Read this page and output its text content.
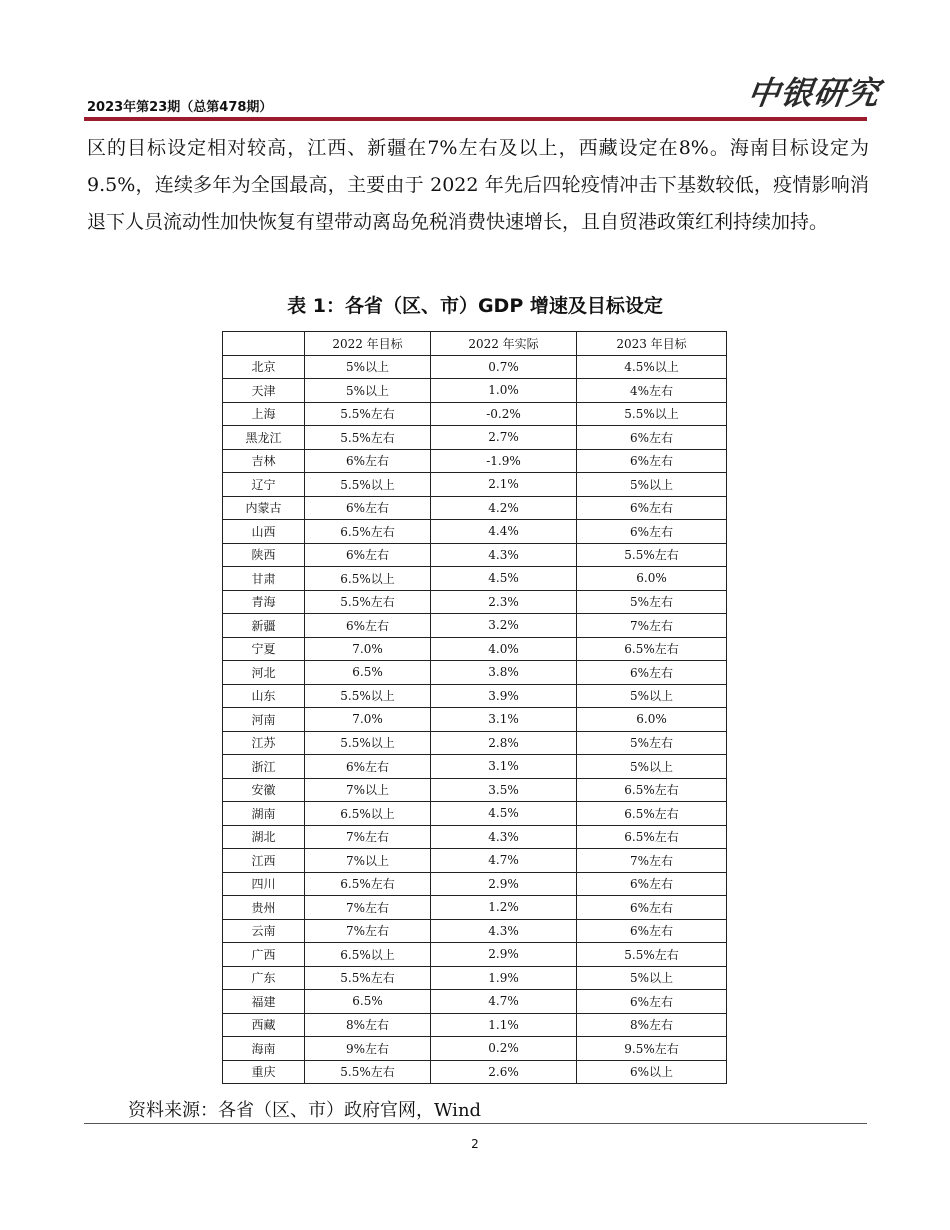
2023年第23期（总第478期）	中银研究

区的目标设定相对较高，江西、新疆在7%左右及以上，西藏设定在8%。海南目标设定为 9.5%，连续多年为全国最高，主要由于 2022 年先后四轮疫情冲击下基数较低，疫情影响消退下人员流动性加快恢复有望带动离岛免税消费快速增长，且自贸港政策红利持续加持。

表 1：各省（区、市）GDP 增速及目标设定
	2022 年目标	2022 年实际	2023 年目标
北京	5%以上	0.7%	4.5%以上
天津	5%以上	1.0%	4%左右
上海	5.5%左右	-0.2%	5.5%以上
黑龙江	5.5%左右	2.7%	6%左右
吉林	6%左右	-1.9%	6%左右
辽宁	5.5%以上	2.1%	5%以上
内蒙古	6%左右	4.2%	6%左右
山西	6.5%左右	4.4%	6%左右
陕西	6%左右	4.3%	5.5%左右
甘肃	6.5%以上	4.5%	6.0%
青海	5.5%左右	2.3%	5%左右
新疆	6%左右	3.2%	7%左右
宁夏	7.0%	4.0%	6.5%左右
河北	6.5%	3.8%	6%左右
山东	5.5%以上	3.9%	5%以上
河南	7.0%	3.1%	6.0%
江苏	5.5%以上	2.8%	5%左右
浙江	6%左右	3.1%	5%以上
安徽	7%以上	3.5%	6.5%左右
湖南	6.5%以上	4.5%	6.5%左右
湖北	7%左右	4.3%	6.5%左右
江西	7%以上	4.7%	7%左右
四川	6.5%左右	2.9%	6%左右
贵州	7%左右	1.2%	6%左右
云南	7%左右	4.3%	6%左右
广西	6.5%以上	2.9%	5.5%左右
广东	5.5%左右	1.9%	5%以上
福建	6.5%	4.7%	6%左右
西藏	8%左右	1.1%	8%左右
海南	9%左右	0.2%	9.5%左右
重庆	5.5%左右	2.6%	6%以上
资料来源：各省（区、市）政府官网，Wind
2
